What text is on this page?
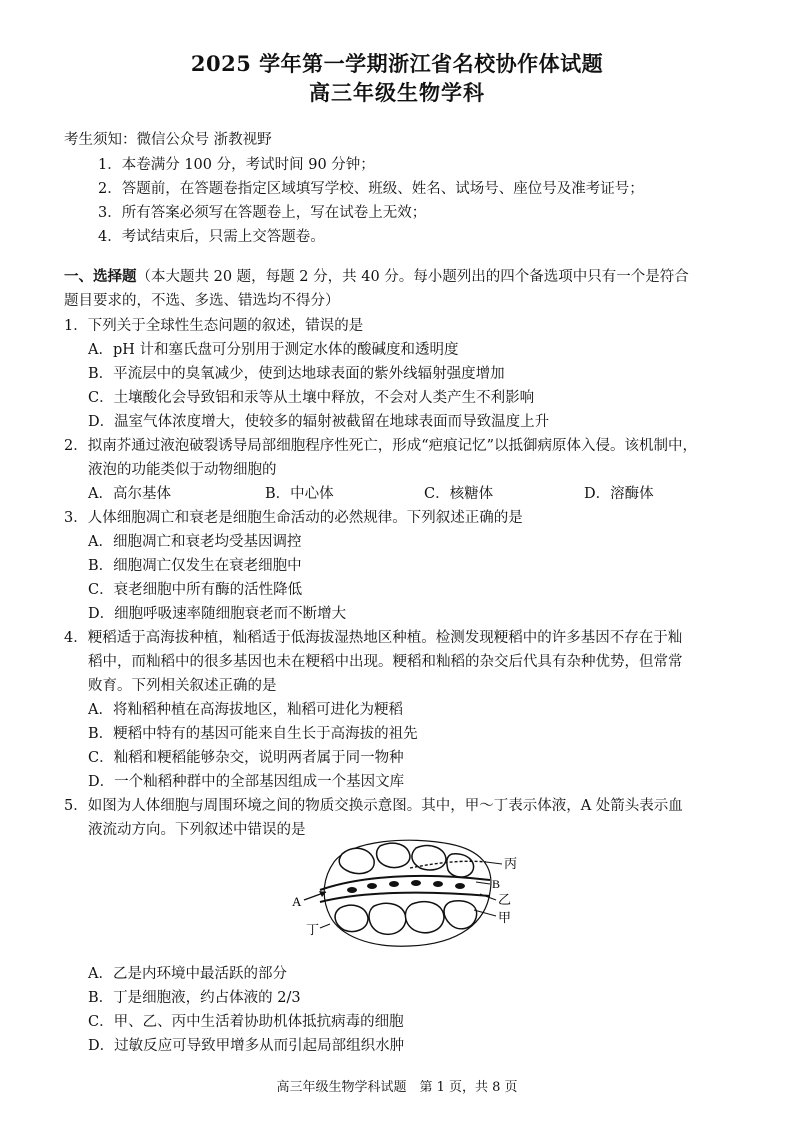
2025 学年第一学期浙江省名校协作体试题
高三年级生物学科
考生须知：微信公众号 浙教视野
1．本卷满分 100 分，考试时间 90 分钟；
2．答题前，在答题卷指定区域填写学校、班级、姓名、试场号、座位号及准考证号；
3．所有答案必须写在答题卷上，写在试卷上无效；
4．考试结束后，只需上交答题卷。
一、选择题（本大题共 20 题，每题 2 分，共 40 分。每小题列出的四个备选项中只有一个是符合
题目要求的，不选、多选、错选均不得分）
1．下列关于全球性生态问题的叙述，错误的是
A．pH 计和塞氏盘可分别用于测定水体的酸碱度和透明度
B．平流层中的臭氧减少，使到达地球表面的紫外线辐射强度增加
C．土壤酸化会导致铝和汞等从土壤中释放，不会对人类产生不利影响
D．温室气体浓度增大，使较多的辐射被截留在地球表面而导致温度上升
2．拟南芥通过液泡破裂诱导局部细胞程序性死亡，形成“疤痕记忆”以抵御病原体入侵。该机制中，
液泡的功能类似于动物细胞的
A．高尔基体	B．中心体	C．核糖体	D．溶酶体
3．人体细胞凋亡和衰老是细胞生命活动的必然规律。下列叙述正确的是
A．细胞凋亡和衰老均受基因调控
B．细胞凋亡仅发生在衰老细胞中
C．衰老细胞中所有酶的活性降低
D．细胞呼吸速率随细胞衰老而不断增大
4．粳稻适于高海拔种植，籼稻适于低海拔湿热地区种植。检测发现粳稻中的许多基因不存在于籼
稻中，而籼稻中的很多基因也未在粳稻中出现。粳稻和籼稻的杂交后代具有杂种优势，但常常
败育。下列相关叙述正确的是
A．将籼稻种植在高海拔地区，籼稻可进化为粳稻
B．粳稻中特有的基因可能来自生长于高海拔的祖先
C．籼稻和粳稻能够杂交，说明两者属于同一物种
D．一个籼稻种群中的全部基因组成一个基因文库
5．如图为人体细胞与周围环境之间的物质交换示意图。其中，甲～丁表示体液，A 处箭头表示血
液流动方向。下列叙述中错误的是
丙
B
乙
甲
A
丁
A．乙是内环境中最活跃的部分
B．丁是细胞液，约占体液的 2/3
C．甲、乙、丙中生活着协助机体抵抗病毒的细胞
D．过敏反应可导致甲增多从而引起局部组织水肿
高三年级生物学科试题　第 1 页，共 8 页
